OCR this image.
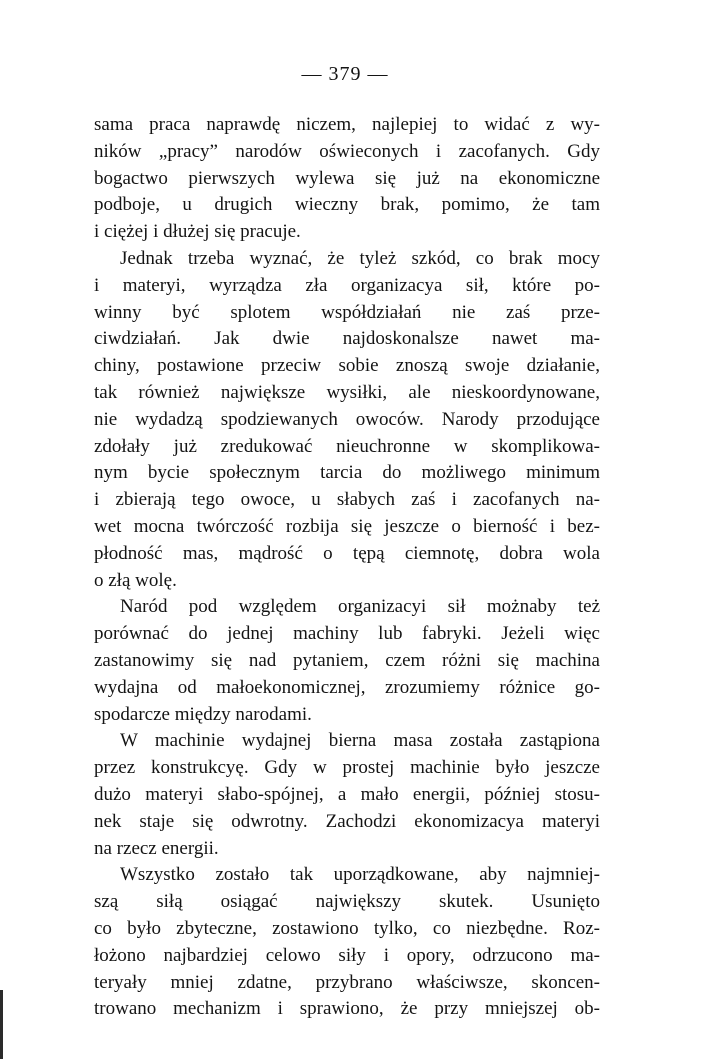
— 379 —
sama praca naprawdę niczem, najlepiej to widać z wy-
ników „pracy” narodów oświeconych i zacofanych. Gdy
bogactwo pierwszych wylewa się już na ekonomiczne
podboje, u drugich wieczny brak, pomimo, że tam
i ciężej i dłużej się pracuje.
Jednak trzeba wyznać, że tyleż szkód, co brak mocy
i materyi, wyrządza zła organizacya sił, które po-
winny być splotem współdziałań nie zaś prze-
ciwdziałań. Jak dwie najdoskonalsze nawet ma-
chiny, postawione przeciw sobie znoszą swoje działanie,
tak również największe wysiłki, ale nieskoordynowane,
nie wydadzą spodziewanych owoców. Narody przodujące
zdołały już zredukować nieuchronne w skomplikowa-
nym bycie społecznym tarcia do możliwego minimum
i zbierają tego owoce, u słabych zaś i zacofanych na-
wet mocna twórczość rozbija się jeszcze o bierność i bez-
płodność mas, mądrość o tępą ciemnotę, dobra wola
o złą wolę.
Naród pod względem organizacyi sił możnaby też
porównać do jednej machiny lub fabryki. Jeżeli więc
zastanowimy się nad pytaniem, czem różni się machina
wydajna od małoekonomicznej, zrozumiemy różnice go-
spodarcze między narodami.
W machinie wydajnej bierna masa została zastąpiona
przez konstrukcyę. Gdy w prostej machinie było jeszcze
dużo materyi słabo-spójnej, a mało energii, później stosu-
nek staje się odwrotny. Zachodzi ekonomizacya materyi
na rzecz energii.
Wszystko zostało tak uporządkowane, aby najmniej-
szą siłą osiągać największy skutek. Usunięto
co było zbyteczne, zostawiono tylko, co niezbędne. Roz-
łożono najbardziej celowo siły i opory, odrzucono ma-
teryały mniej zdatne, przybrano właściwsze, skoncen-
trowano mechanizm i sprawiono, że przy mniejszej ob-
